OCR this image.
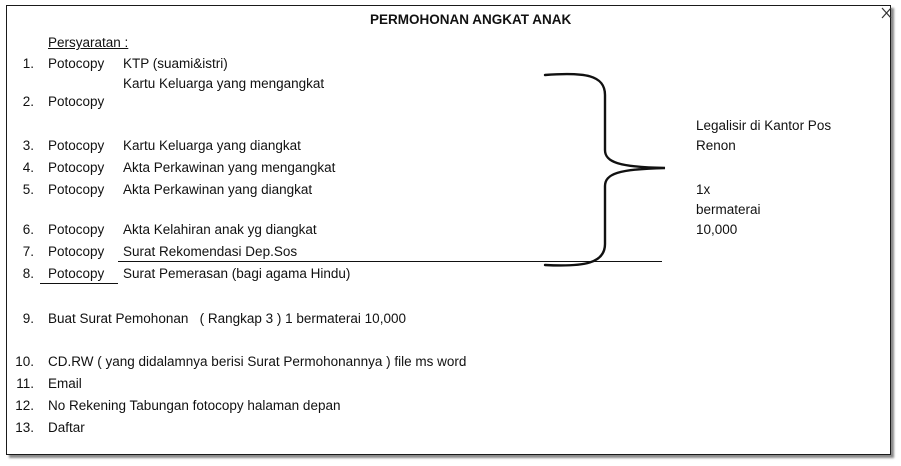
PERMOHONAN ANGKAT ANAK
Persyaratan :
1. Potocopy KTP (suami&istri)
Kartu Keluarga yang mengangkat
2. Potocopy
3. Potocopy Kartu Keluarga yang diangkat
4. Potocopy Akta Perkawinan yang mengangkat
5. Potocopy Akta Perkawinan yang diangkat
6. Potocopy Akta Kelahiran anak yg diangkat
7. Potocopy Surat Rekomendasi Dep.Sos
8. Potocopy Surat Pemerasan (bagi agama Hindu)
9. Buat Surat Pemohonan   ( Rangkap 3 ) 1 bermaterai 10,000
10. CD.RW ( yang didalamnya berisi Surat Permohonannya ) file ms word
11. Email
12. No Rekening Tabungan fotocopy halaman depan
13. Daftar
Legalisir di Kantor Pos
Renon
1x
bermaterai
10,000
